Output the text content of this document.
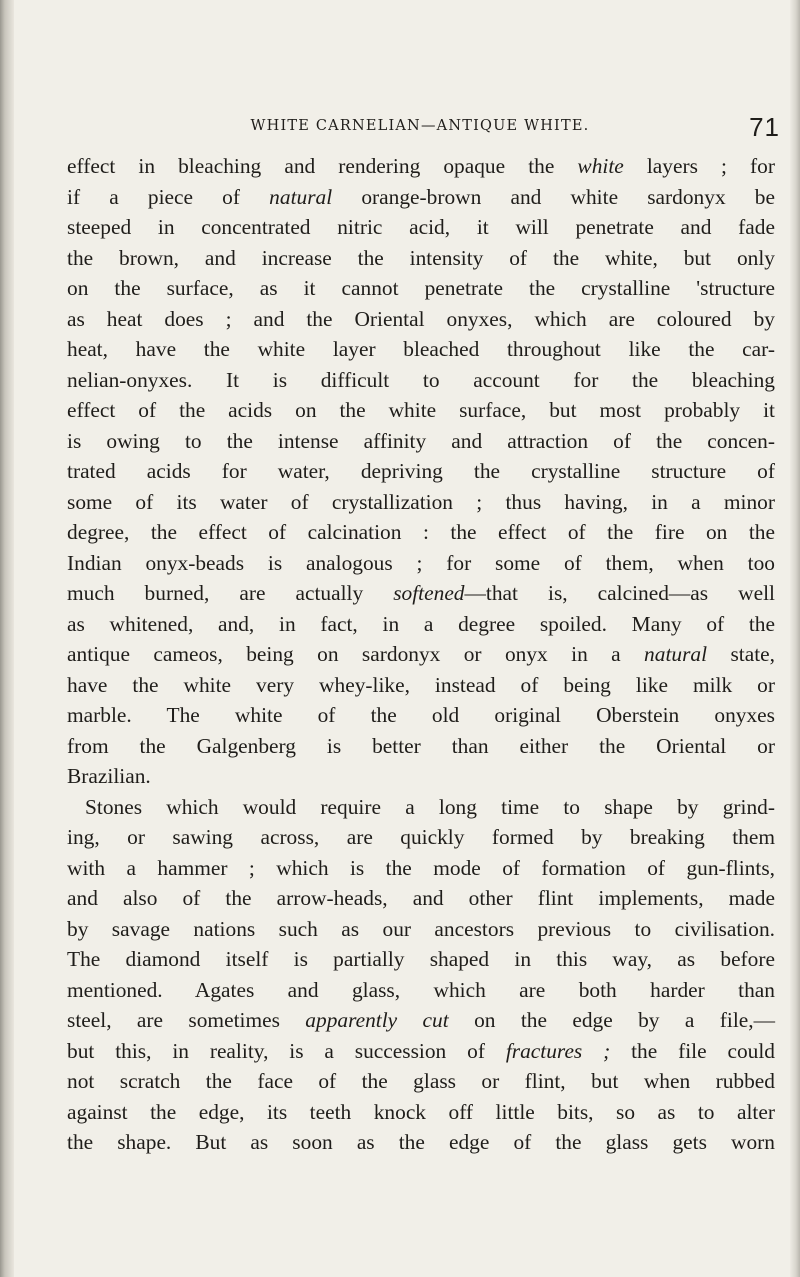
WHITE CARNELIAN—ANTIQUE WHITE.	71
effect in bleaching and rendering opaque the white layers ; for
if a piece of natural orange-brown and white sardonyx be
steeped in concentrated nitric acid, it will penetrate and fade
the brown, and increase the intensity of the white, but only
on the surface, as it cannot penetrate the crystalline 'structure
as heat does ; and the Oriental onyxes, which are coloured by
heat, have the white layer bleached throughout like the car-
nelian-onyxes. It is difficult to account for the bleaching
effect of the acids on the white surface, but most probably it
is owing to the intense affinity and attraction of the concen-
trated acids for water, depriving the crystalline structure of
some of its water of crystallization ; thus having, in a minor
degree, the effect of calcination : the effect of the fire on the
Indian onyx-beads is analogous ; for some of them, when too
much burned, are actually softened—that is, calcined—as well
as whitened, and, in fact, in a degree spoiled. Many of the
antique cameos, being on sardonyx or onyx in a natural state,
have the white very whey-like, instead of being like milk or
marble. The white of the old original Oberstein onyxes
from the Galgenberg is better than either the Oriental or
Brazilian.
Stones which would require a long time to shape by grind-
ing, or sawing across, are quickly formed by breaking them
with a hammer ; which is the mode of formation of gun-flints,
and also of the arrow-heads, and other flint implements, made
by savage nations such as our ancestors previous to civilisation.
The diamond itself is partially shaped in this way, as before
mentioned. Agates and glass, which are both harder than
steel, are sometimes apparently cut on the edge by a file,—
but this, in reality, is a succession of fractures ; the file could
not scratch the face of the glass or flint, but when rubbed
against the edge, its teeth knock off little bits, so as to alter
the shape. But as soon as the edge of the glass gets worn
